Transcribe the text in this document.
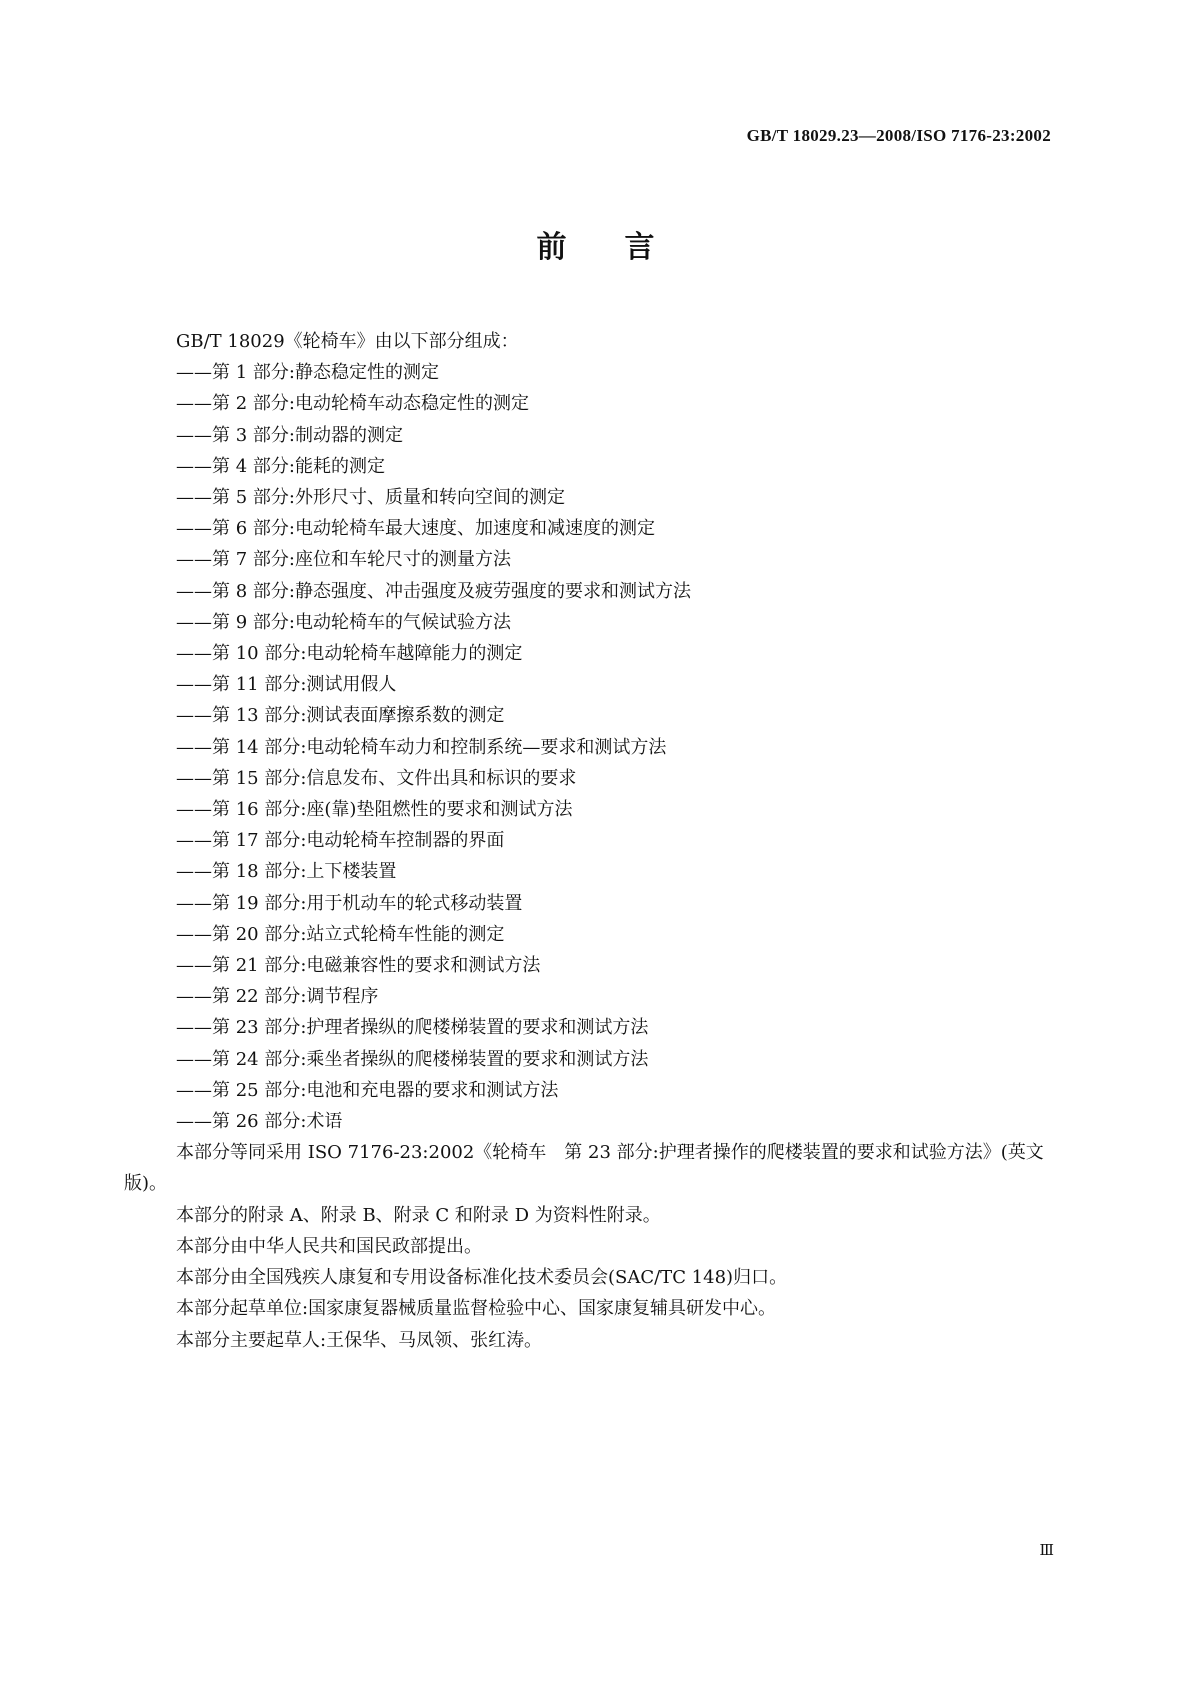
GB/T 18029.23—2008/ISO 7176-23:2002
前言

GB/T 18029《轮椅车》由以下部分组成：

——第 1 部分:静态稳定性的测定
——第 2 部分:电动轮椅车动态稳定性的测定
——第 3 部分:制动器的测定
——第 4 部分:能耗的测定
——第 5 部分:外形尺寸、质量和转向空间的测定
——第 6 部分:电动轮椅车最大速度、加速度和减速度的测定
——第 7 部分:座位和车轮尺寸的测量方法
——第 8 部分:静态强度、冲击强度及疲劳强度的要求和测试方法
——第 9 部分:电动轮椅车的气候试验方法
——第 10 部分:电动轮椅车越障能力的测定
——第 11 部分:测试用假人
——第 13 部分:测试表面摩擦系数的测定
——第 14 部分:电动轮椅车动力和控制系统—要求和测试方法
——第 15 部分:信息发布、文件出具和标识的要求
——第 16 部分:座(靠)垫阻燃性的要求和测试方法
——第 17 部分:电动轮椅车控制器的界面
——第 18 部分:上下楼装置
——第 19 部分:用于机动车的轮式移动装置
——第 20 部分:站立式轮椅车性能的测定
——第 21 部分:电磁兼容性的要求和测试方法
——第 22 部分:调节程序
——第 23 部分:护理者操纵的爬楼梯装置的要求和测试方法
——第 24 部分:乘坐者操纵的爬楼梯装置的要求和测试方法
——第 25 部分:电池和充电器的要求和测试方法
——第 26 部分:术语

本部分等同采用 ISO 7176-23:2002《轮椅车　第 23 部分:护理者操作的爬楼装置的要求和试验方法》(英文版)。

本部分的附录 A、附录 B、附录 C 和附录 D 为资料性附录。

本部分由中华人民共和国民政部提出。

本部分由全国残疾人康复和专用设备标准化技术委员会(SAC/TC 148)归口。

本部分起草单位:国家康复器械质量监督检验中心、国家康复辅具研发中心。

本部分主要起草人:王保华、马凤领、张红涛。

Ⅲ
